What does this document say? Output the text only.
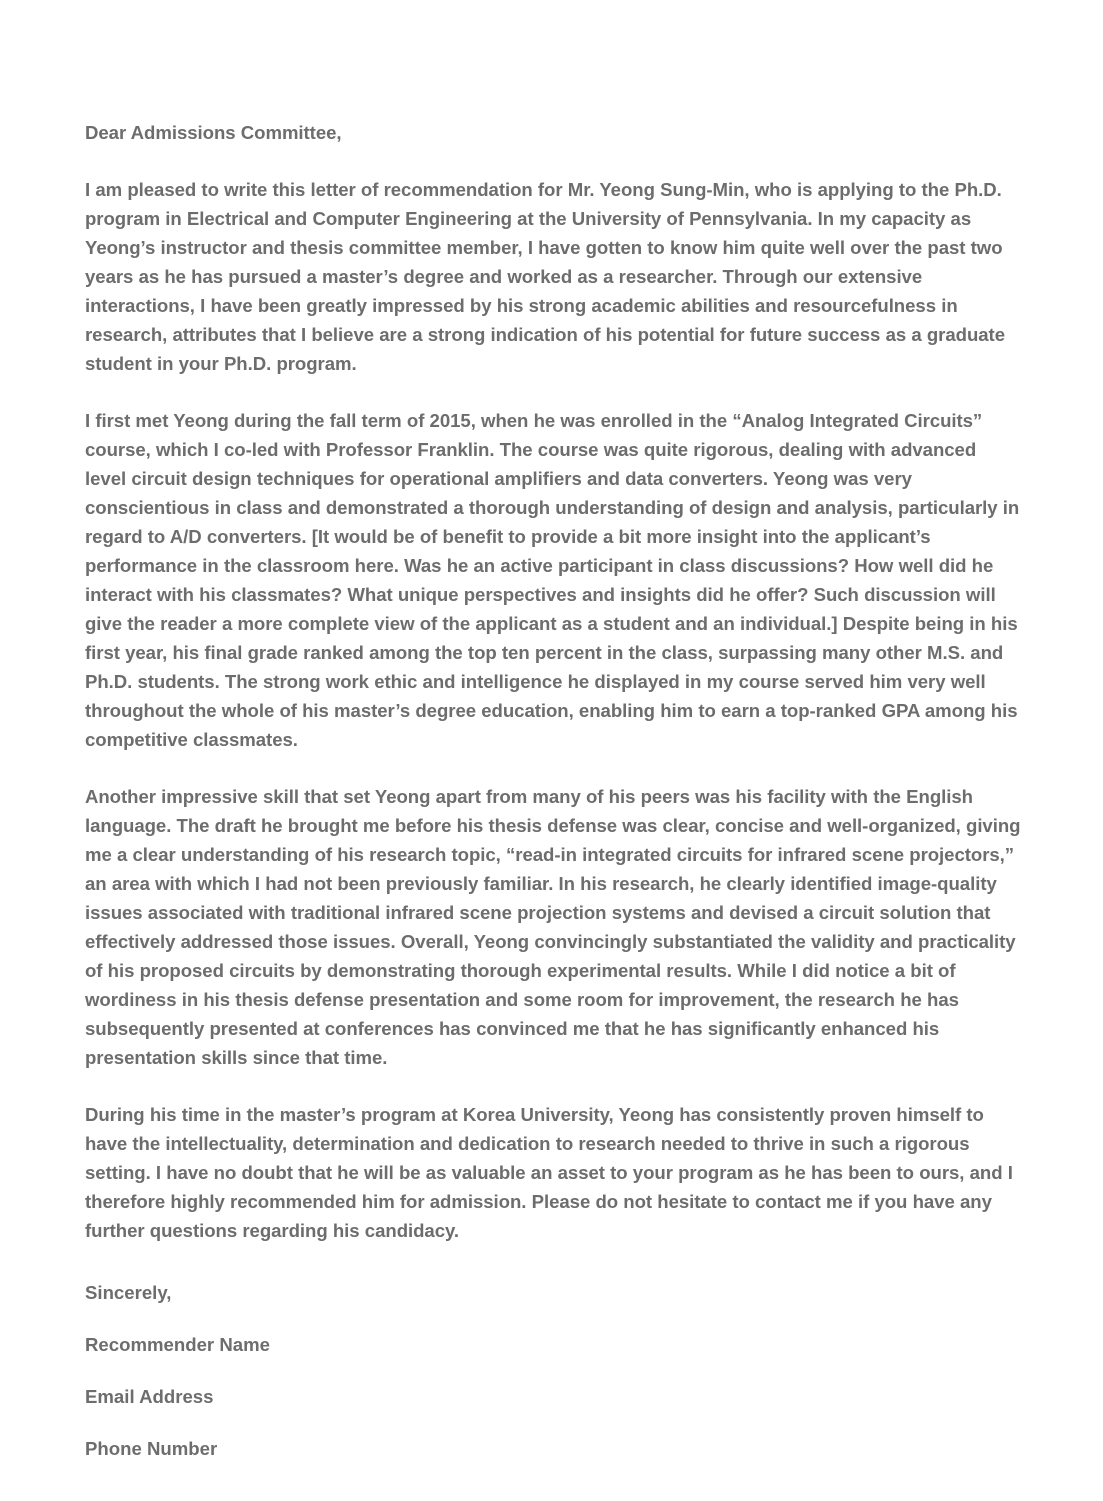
Dear Admissions Committee,

I am pleased to write this letter of recommendation for Mr. Yeong Sung-Min, who is applying to the Ph.D. program in Electrical and Computer Engineering at the University of Pennsylvania. In my capacity as Yeong’s instructor and thesis committee member, I have gotten to know him quite well over the past two years as he has pursued a master’s degree and worked as a researcher. Through our extensive interactions, I have been greatly impressed by his strong academic abilities and resourcefulness in research, attributes that I believe are a strong indication of his potential for future success as a graduate student in your Ph.D. program.

I first met Yeong during the fall term of 2015, when he was enrolled in the “Analog Integrated Circuits” course, which I co-led with Professor Franklin. The course was quite rigorous, dealing with advanced level circuit design techniques for operational amplifiers and data converters. Yeong was very conscientious in class and demonstrated a thorough understanding of design and analysis, particularly in regard to A/D converters. [It would be of benefit to provide a bit more insight into the applicant’s performance in the classroom here. Was he an active participant in class discussions? How well did he interact with his classmates? What unique perspectives and insights did he offer? Such discussion will give the reader a more complete view of the applicant as a student and an individual.] Despite being in his first year, his final grade ranked among the top ten percent in the class, surpassing many other M.S. and Ph.D. students. The strong work ethic and intelligence he displayed in my course served him very well throughout the whole of his master’s degree education, enabling him to earn a top-ranked GPA among his competitive classmates.

Another impressive skill that set Yeong apart from many of his peers was his facility with the English language. The draft he brought me before his thesis defense was clear, concise and well-organized, giving me a clear understanding of his research topic, “read-in integrated circuits for infrared scene projectors,” an area with which I had not been previously familiar. In his research, he clearly identified image-quality issues associated with traditional infrared scene projection systems and devised a circuit solution that effectively addressed those issues. Overall, Yeong convincingly substantiated the validity and practicality of his proposed circuits by demonstrating thorough experimental results. While I did notice a bit of wordiness in his thesis defense presentation and some room for improvement, the research he has subsequently presented at conferences has convinced me that he has significantly enhanced his presentation skills since that time.

During his time in the master’s program at Korea University, Yeong has consistently proven himself to have the intellectuality, determination and dedication to research needed to thrive in such a rigorous setting. I have no doubt that he will be as valuable an asset to your program as he has been to ours, and I therefore highly recommended him for admission. Please do not hesitate to contact me if you have any further questions regarding his candidacy.

Sincerely,

Recommender Name

Email Address

Phone Number
